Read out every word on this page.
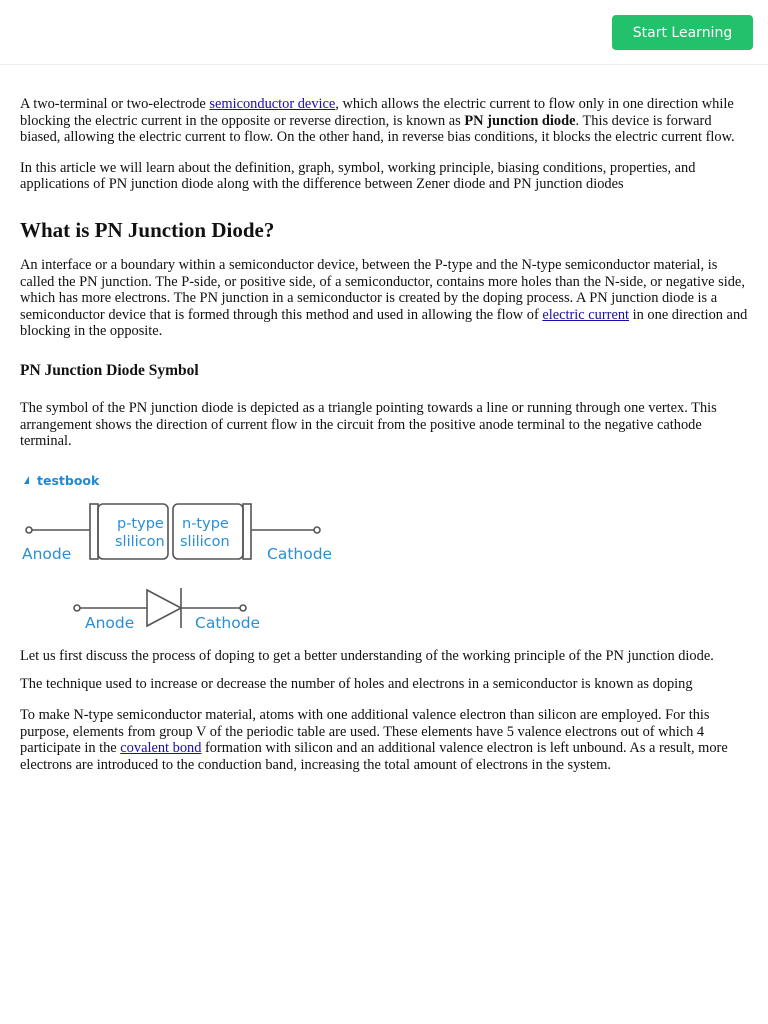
Start Learning

A two-terminal or two-electrode semiconductor device, which allows the electric current to flow only in one direction while blocking the electric current in the opposite or reverse direction, is known as PN junction diode. This device is forward biased, allowing the electric current to flow. On the other hand, in reverse bias conditions, it blocks the electric current flow.

In this article we will learn about the definition, graph, symbol, working principle, biasing conditions, properties, and applications of PN junction diode along with the difference between Zener diode and PN junction diodes

What is PN Junction Diode?

An interface or a boundary within a semiconductor device, between the P-type and the N-type semiconductor material, is called the PN junction. The P-side, or positive side, of a semiconductor, contains more holes than the N-side, or negative side, which has more electrons. The PN junction in a semiconductor is created by the doping process. A PN junction diode is a semiconductor device that is formed through this method and used in allowing the flow of electric current in one direction and blocking in the opposite.

PN Junction Diode Symbol

The symbol of the PN junction diode is depicted as a triangle pointing towards a line or running through one vertex. This arrangement shows the direction of current flow in the circuit from the positive anode terminal to the negative cathode terminal.

testbook
p-type
slilicon
n-type
slilicon
Anode	Cathode
Anode	Cathode

Let us first discuss the process of doping to get a better understanding of the working principle of the PN junction diode.

The technique used to increase or decrease the number of holes and electrons in a semiconductor is known as doping

To make N-type semiconductor material, atoms with one additional valence electron than silicon are employed. For this purpose, elements from group V of the periodic table are used. These elements have 5 valence electrons out of which 4 participate in the covalent bond formation with silicon and an additional valence electron is left unbound. As a result, more electrons are introduced to the conduction band, increasing the total amount of electrons in the system.
